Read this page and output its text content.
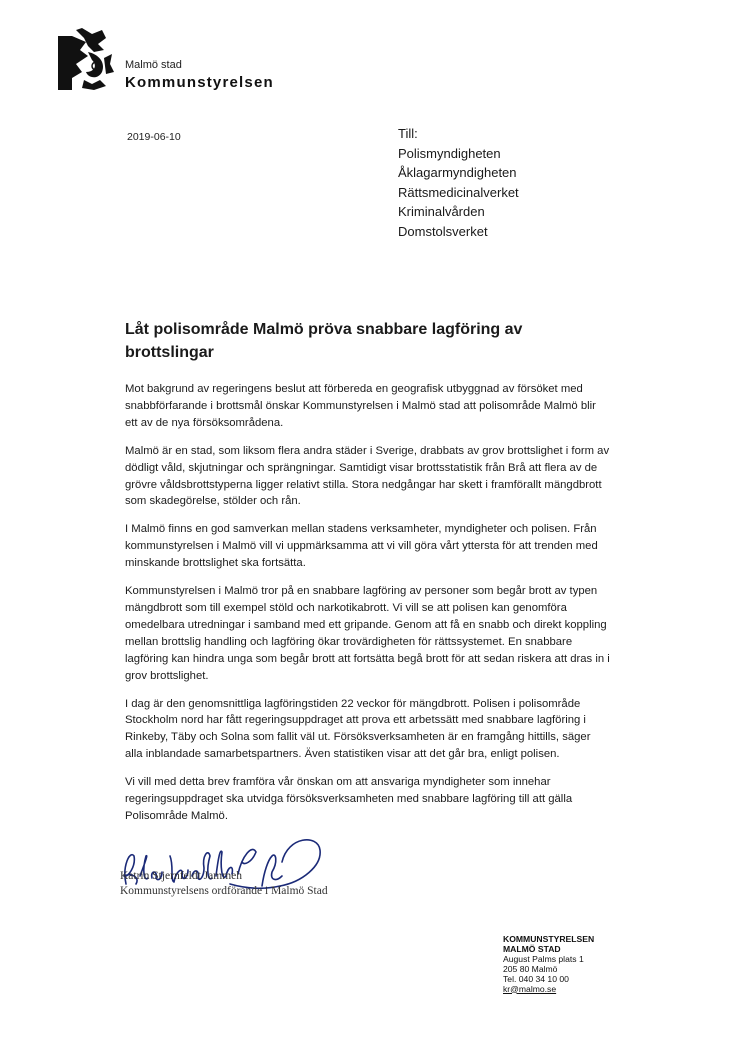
Malmö stad
Kommunstyrelsen
2019-06-10	Till:
Polismyndigheten
Åklagarmyndigheten
Rättsmedicinalverket
Kriminalvården
Domstolsverket
Låt polisområde Malmö pröva snabbare lagföring av brottslingar

Mot bakgrund av regeringens beslut att förbereda en geografisk utbyggnad av försöket med snabbförfarande i brottsmål önskar Kommunstyrelsen i Malmö stad att polisområde Malmö blir ett av de nya försöksområdena.

Malmö är en stad, som liksom flera andra städer i Sverige, drabbats av grov brottslighet i form av dödligt våld, skjutningar och sprängningar. Samtidigt visar brottsstatistik från Brå att flera av de grövre våldsbrottstyperna ligger relativt stilla. Stora nedgångar har skett i framförallt mängdbrott som skadegörelse, stölder och rån.

I Malmö finns en god samverkan mellan stadens verksamheter, myndigheter och polisen. Från kommunstyrelsen i Malmö vill vi uppmärksamma att vi vill göra vårt yttersta för att trenden med minskande brottslighet ska fortsätta.

Kommunstyrelsen i Malmö tror på en snabbare lagföring av personer som begår brott av typen mängdbrott som till exempel stöld och narkotikabrott. Vi vill se att polisen kan genomföra omedelbara utredningar i samband med ett gripande. Genom att få en snabb och direkt koppling mellan brottslig handling och lagföring ökar trovärdigheten för rättssystemet. En snabbare lagföring kan hindra unga som begår brott att fortsätta begå brott för att sedan riskera att dras in i grov brottslighet.

I dag är den genomsnittliga lagföringstiden 22 veckor för mängdbrott. Polisen i polisområde Stockholm nord har fått regeringsuppdraget att prova ett arbetssätt med snabbare lagföring i Rinkeby, Täby och Solna som fallit väl ut. Försöksverksamheten är en framgång hittills, säger alla inblandade samarbetspartners. Även statistiken visar att det går bra, enligt polisen.

Vi vill med detta brev framföra vår önskan om att ansvariga myndigheter som innehar regeringsuppdraget ska utvidga försöksverksamheten med snabbare lagföring till att gälla Polisområde Malmö.

Katrin Stjernfeldt Jammeh
Kommunstyrelsens ordförande i Malmö Stad
KOMMUNSTYRELSEN
MALMÖ STAD
August Palms plats 1
205 80 Malmö
Tel. 040 34 10 00
kr@malmo.se
